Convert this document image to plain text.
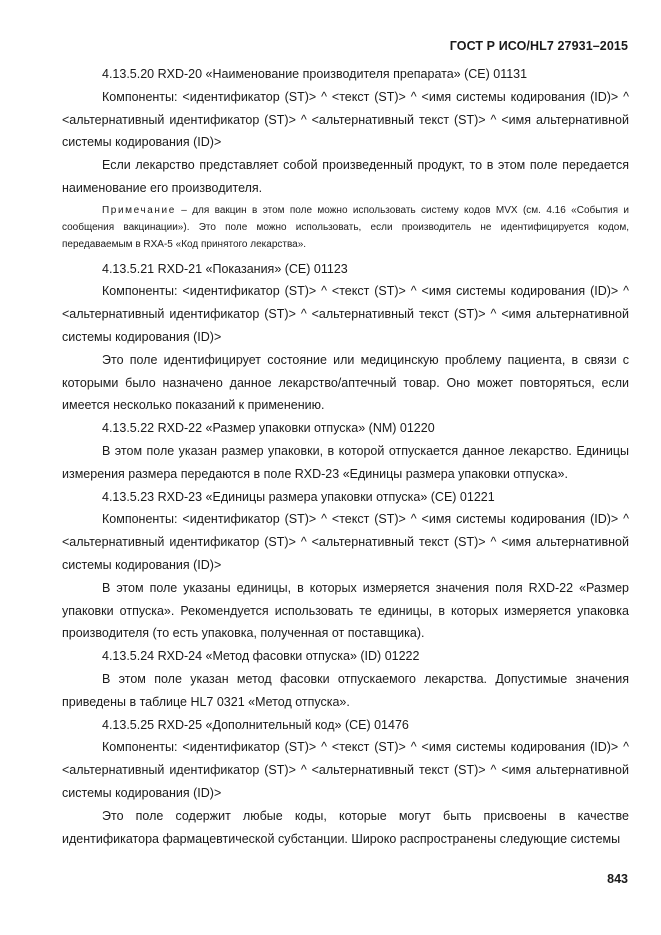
ГОСТ Р ИСО/HL7 27931–2015

4.13.5.20 RXD-20 «Наименование производителя препарата» (CE) 01131

Компоненты: <идентификатор (ST)> ^ <текст (ST)> ^ <имя системы кодирования (ID)> ^ <альтернативный идентификатор (ST)> ^ <альтернативный текст (ST)> ^ <имя альтернативной системы кодирования (ID)>

Если лекарство представляет собой произведенный продукт, то в этом поле передается наименование его производителя.

Примечание – для вакцин в этом поле можно использовать систему кодов MVX (см. 4.16 «События и сообщения вакцинации»). Это поле можно использовать, если производитель не идентифицируется кодом, передаваемым в RXA-5 «Код принятого лекарства».

4.13.5.21 RXD-21 «Показания» (CE) 01123

Компоненты: <идентификатор (ST)> ^ <текст (ST)> ^ <имя системы кодирования (ID)> ^ <альтернативный идентификатор (ST)> ^ <альтернативный текст (ST)> ^ <имя альтернативной системы кодирования (ID)>

Это поле идентифицирует состояние или медицинскую проблему пациента, в связи с которыми было назначено данное лекарство/аптечный товар. Оно может повторяться, если имеется несколько показаний к применению.

4.13.5.22 RXD-22 «Размер упаковки отпуска» (NM) 01220

В этом поле указан размер упаковки, в которой отпускается данное лекарство. Единицы измерения размера передаются в поле RXD-23 «Единицы размера упаковки отпуска».

4.13.5.23 RXD-23 «Единицы размера упаковки отпуска» (CE) 01221

Компоненты: <идентификатор (ST)> ^ <текст (ST)> ^ <имя системы кодирования (ID)> ^ <альтернативный идентификатор (ST)> ^ <альтернативный текст (ST)> ^ <имя альтернативной системы кодирования (ID)>

В этом поле указаны единицы, в которых измеряется значения поля RXD-22 «Размер упаковки отпуска». Рекомендуется использовать те единицы, в которых измеряется упаковка производителя (то есть упаковка, полученная от поставщика).

4.13.5.24 RXD-24 «Метод фасовки отпуска» (ID) 01222

В этом поле указан метод фасовки отпускаемого лекарства. Допустимые значения приведены в таблице HL7 0321 «Метод отпуска».

4.13.5.25 RXD-25 «Дополнительный код» (CE) 01476

Компоненты: <идентификатор (ST)> ^ <текст (ST)> ^ <имя системы кодирования (ID)> ^ <альтернативный идентификатор (ST)> ^ <альтернативный текст (ST)> ^ <имя альтернативной системы кодирования (ID)>

Это поле содержит любые коды, которые могут быть присвоены в качестве идентификатора фармацевтической субстанции. Широко распространены следующие системы

843
